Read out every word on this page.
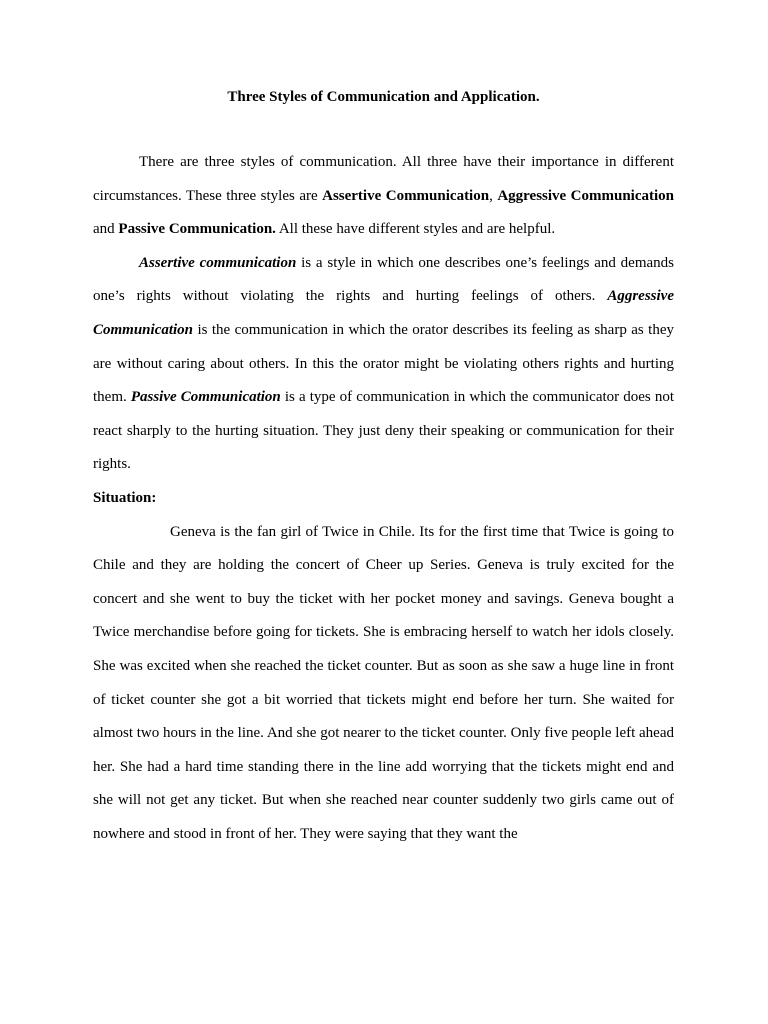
Three Styles of Communication and Application.

There are three styles of communication. All three have their importance in different circumstances. These three styles are Assertive Communication, Aggressive Communication and Passive Communication. All these have different styles and are helpful.

Assertive communication is a style in which one describes one’s feelings and demands one’s rights without violating the rights and hurting feelings of others. Aggressive Communication is the communication in which the orator describes its feeling as sharp as they are without caring about others. In this the orator might be violating others rights and hurting them. Passive Communication is a type of communication in which the communicator does not react sharply to the hurting situation. They just deny their speaking or communication for their rights.

Situation:

Geneva is the fan girl of Twice in Chile. Its for the first time that Twice is going to Chile and they are holding the concert of Cheer up Series. Geneva is truly excited for the concert and she went to buy the ticket with her pocket money and savings. Geneva bought a Twice merchandise before going for tickets. She is embracing herself to watch her idols closely. She was excited when she reached the ticket counter. But as soon as she saw a huge line in front of ticket counter she got a bit worried that tickets might end before her turn. She waited for almost two hours in the line. And she got nearer to the ticket counter. Only five people left ahead her. She had a hard time standing there in the line add worrying that the tickets might end and she will not get any ticket. But when she reached near counter suddenly two girls came out of nowhere and stood in front of her. They were saying that they want the
